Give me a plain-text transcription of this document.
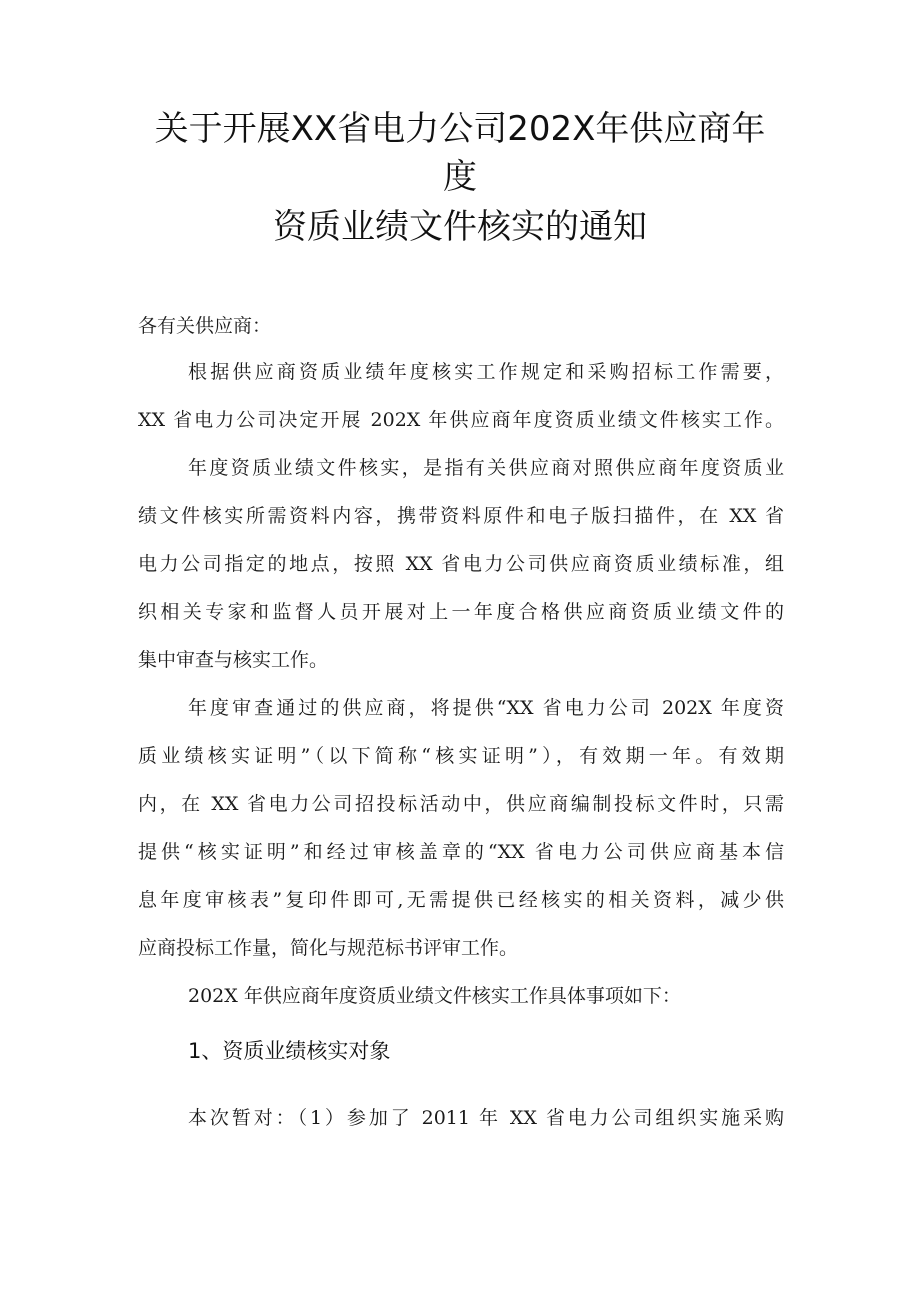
关于开展XX省电力公司202X年供应商年
度
资质业绩文件核实的通知
各有关供应商：
根据供应商资质业绩年度核实工作规定和采购招标工作需要，
XX 省电力公司决定开展 202X 年供应商年度资质业绩文件核实工作。
年度资质业绩文件核实，是指有关供应商对照供应商年度资质业
绩文件核实所需资料内容，携带资料原件和电子版扫描件，在 XX 省
电力公司指定的地点，按照 XX 省电力公司供应商资质业绩标准，组
织相关专家和监督人员开展对上一年度合格供应商资质业绩文件的
集中审查与核实工作。
年度审查通过的供应商，将提供“XX 省电力公司 202X 年度资
质业绩核实证明”（以下简称“核实证明”），有效期一年。有效期
内，在 XX 省电力公司招投标活动中，供应商编制投标文件时，只需
提供“核实证明”和经过审核盖章的“XX 省电力公司供应商基本信
息年度审核表”复印件即可,无需提供已经核实的相关资料，减少供
应商投标工作量，简化与规范标书评审工作。
202X 年供应商年度资质业绩文件核实工作具体事项如下：
1、资质业绩核实对象
本次暂对：（1）参加了 2011 年 XX 省电力公司组织实施采购
